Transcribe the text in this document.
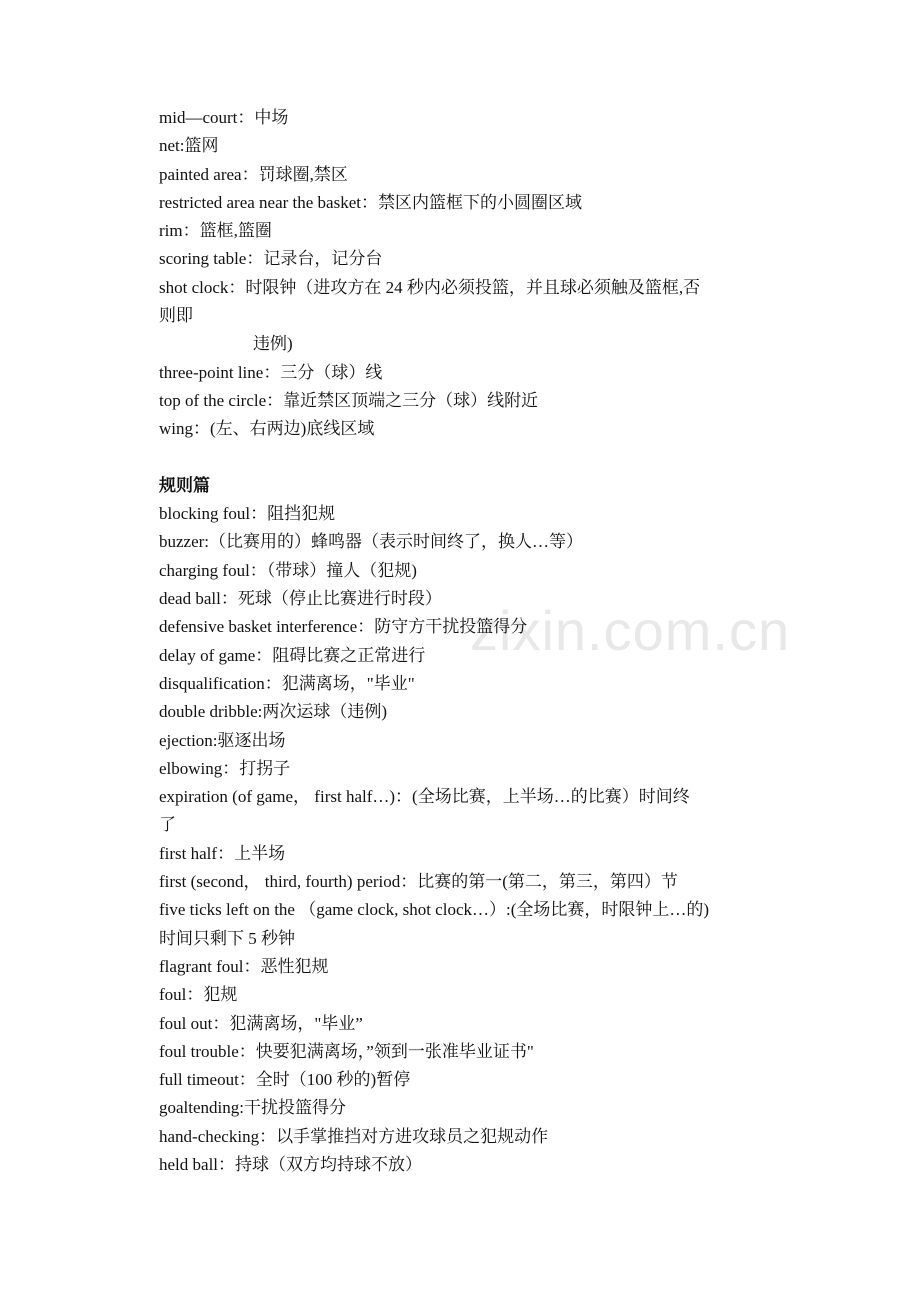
zixin.com.cn
mid—court：中场
net:篮网
painted area：罚球圈,禁区
restricted area near the basket：禁区内篮框下的小圆圈区域
rim：篮框,篮圈
scoring table：记录台，记分台
shot clock：时限钟（进攻方在 24 秒内必须投篮，并且球必须触及篮框,否
则即
违例)
three-point line：三分（球）线
top of the circle：靠近禁区顶端之三分（球）线附近
wing：(左、右两边)底线区域
规则篇
blocking foul：阻挡犯规
buzzer:（比赛用的）蜂鸣器（表示时间终了，换人…等）
charging foul：（带球）撞人（犯规)
dead ball：死球（停止比赛进行时段）
defensive basket interference：防守方干扰投篮得分
delay of game：阻碍比赛之正常进行
disqualification：犯满离场，"毕业"
double dribble:两次运球（违例)
ejection:驱逐出场
elbowing：打拐子
expiration (of game， first half…)：(全场比赛，上半场…的比赛）时间终
了
first half：上半场
first (second， third, fourth) period：比赛的第一(第二，第三，第四）节
five ticks left on the （game clock, shot clock…）:(全场比赛，时限钟上…的)
时间只剩下 5 秒钟
flagrant foul：恶性犯规
foul：犯规
foul out：犯满离场，"毕业”
foul trouble：快要犯满离场，”领到一张准毕业证书"
full timeout：全时（100 秒的)暂停
goaltending:干扰投篮得分
hand-checking：以手掌推挡对方进攻球员之犯规动作
held ball：持球（双方均持球不放）
